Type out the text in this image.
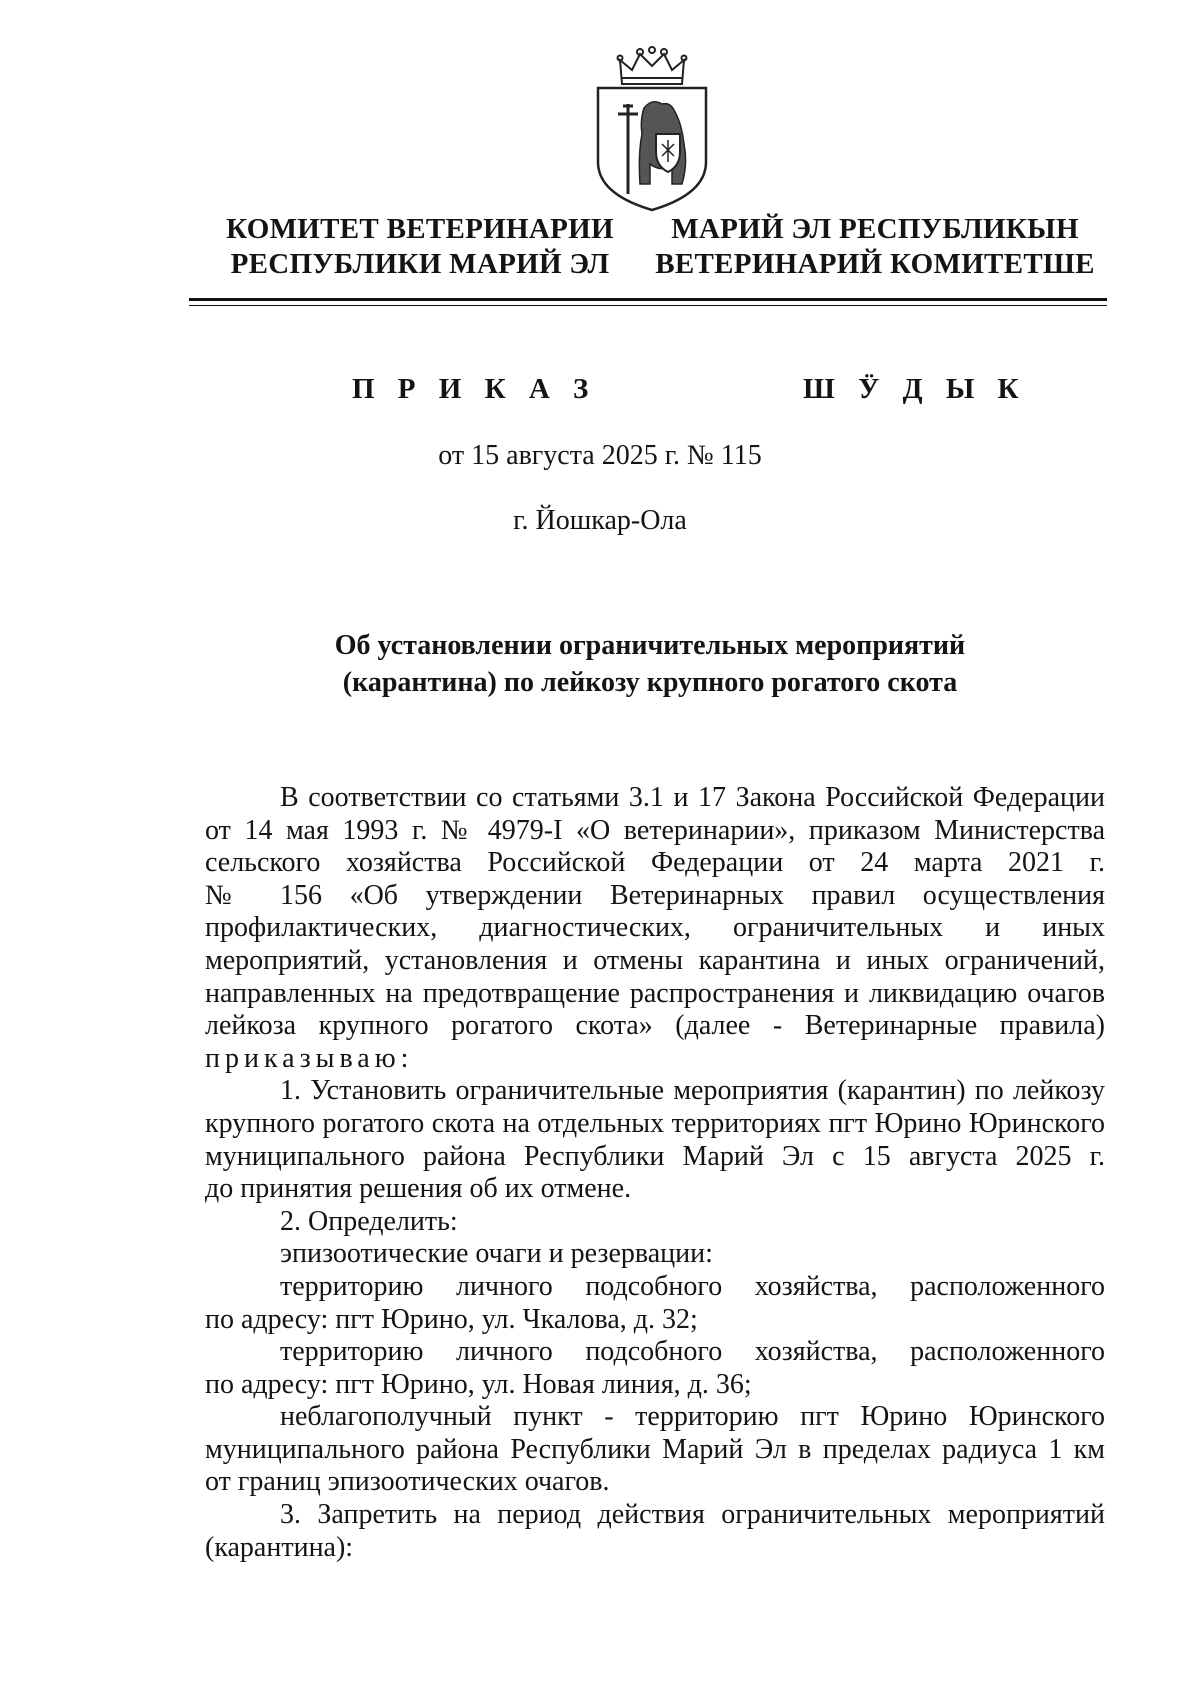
КОМИТЕТ ВЕТЕРИНАРИИ
РЕСПУБЛИКИ МАРИЙ ЭЛ
МАРИЙ ЭЛ РЕСПУБЛИКЫН
ВЕТЕРИНАРИЙ КОМИТЕТШЕ
П Р И К А З	Ш Ӱ Д Ы К
от 15 августа 2025 г. № 115
г. Йошкар-Ола
Об установлении ограничительных мероприятий
(карантина) по лейкозу крупного рогатого скота
В соответствии со статьями 3.1 и 17 Закона Российской Федерации
от 14 мая 1993 г. № 4979-I «О ветеринарии», приказом Министерства
сельского хозяйства Российской Федерации от 24 марта 2021 г.
№ 156 «Об утверждении Ветеринарных правил осуществления
профилактических, диагностических, ограничительных и иных
мероприятий, установления и отмены карантина и иных ограничений,
направленных на предотвращение распространения и ликвидацию очагов
лейкоза крупного рогатого скота» (далее - Ветеринарные правила)
приказываю:
1. Установить ограничительные мероприятия (карантин) по лейкозу
крупного рогатого скота на отдельных территориях пгт Юрино Юринского
муниципального района Республики Марий Эл с 15 августа 2025 г.
до принятия решения об их отмене.
2. Определить:
эпизоотические очаги и резервации:
территорию личного подсобного хозяйства, расположенного
по адресу: пгт Юрино, ул. Чкалова, д. 32;
территорию личного подсобного хозяйства, расположенного
по адресу: пгт Юрино, ул. Новая линия, д. 36;
неблагополучный пункт - территорию пгт Юрино Юринского
муниципального района Республики Марий Эл в пределах радиуса 1 км
от границ эпизоотических очагов.
3. Запретить на период действия ограничительных мероприятий
(карантина):
